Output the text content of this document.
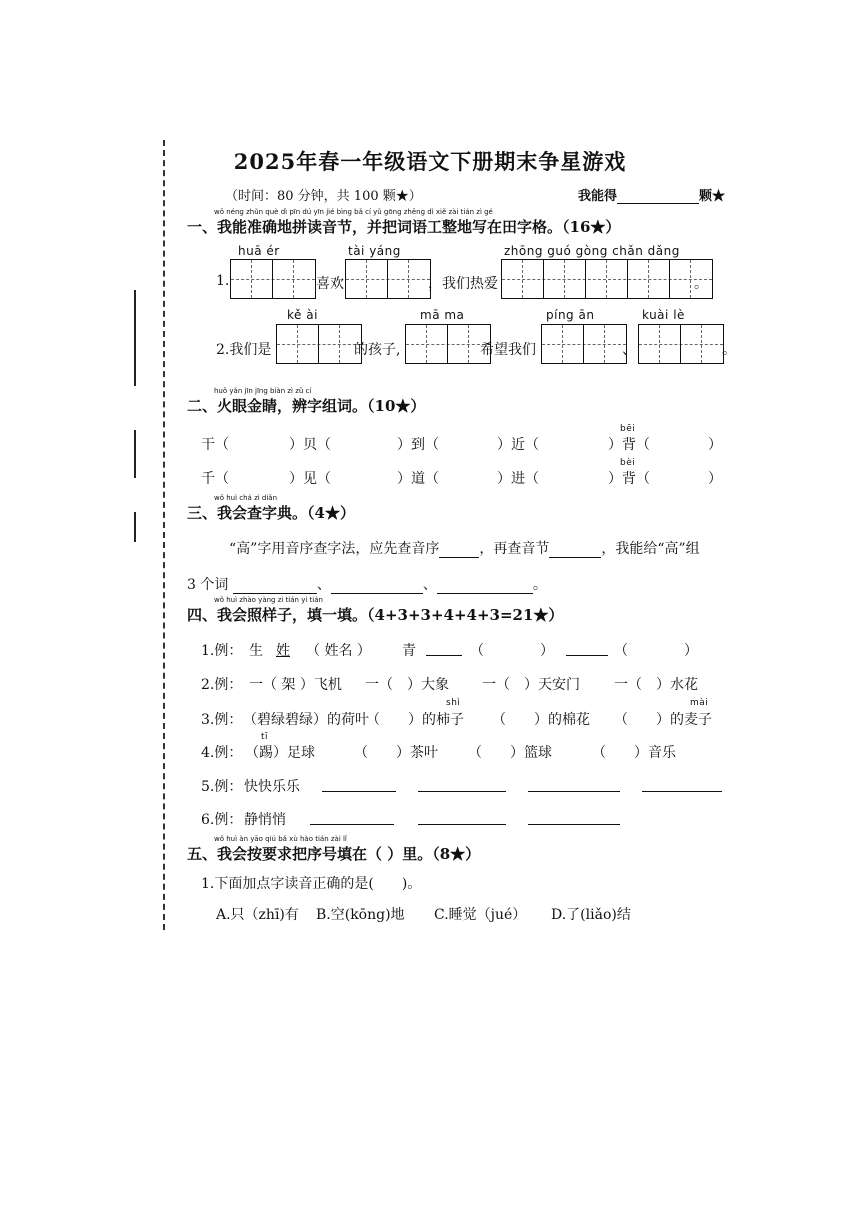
2025年春一年级语文下册期末争星游戏
（时间：80 分钟，共 100 颗★）	我能得	颗★
wǒ néng zhǔn què dì pīn dú yīn jié bìng bǎ cí yǔ gōng zhěng dì xiě zài tián zì gé
一、我能准确地拼读音节，并把词语工整地写在田字格。（16★）
huā ér	tài yáng	zhōng guó gòng chǎn dǎng
1.	喜欢	，我们热爱	。
kě ài	mā ma	píng ān	kuài lè
2.我们是	的孩子,	希望我们	、	。
huǒ yǎn jīn jīng biàn zì zǔ cí
二、火眼金睛，辨字组词。（10★）
bēi
bèi
干（	）贝（	）到（	）近（	）背（	）
千（	）见（	）道（	）进（	）背（	）
wǒ huì chá zì diǎn
三、我会查字典。（4★）
“高”字用音序查字法，应先查音序	，再查音节	，我能给“高”组
3 个词	、	、	。
wǒ huì zhào yàng zi tián yi tián
四、我会照样子，填一填。（4+3+3+4+4+3=21★）
1.例： 生 姓 （ 姓名 ） 青	（	）	（	）
2.例： 一（ 架 ）飞机 一（　）大象 一（　）天安门 一（　）水花
shì	mài
3.例： （碧绿碧绿）的荷叶
（　　）的柿子 （　　）的棉花 （　　）的麦子
tī
4.例： （踢）足球	（　　）茶叶 （　　）篮球	（　　）音乐
5.例： 快快乐乐
6.例： 静悄悄
wǒ huì àn yāo qiú bǎ xù hào tián zài lǐ
五、我会按要求把序号填在（ ）里。（8★）
1.下面加点字读音正确的是(　　)。
A.只（zhī)有 B.空(kōng)地 C.睡觉（jué） D.了(liǎo)结
